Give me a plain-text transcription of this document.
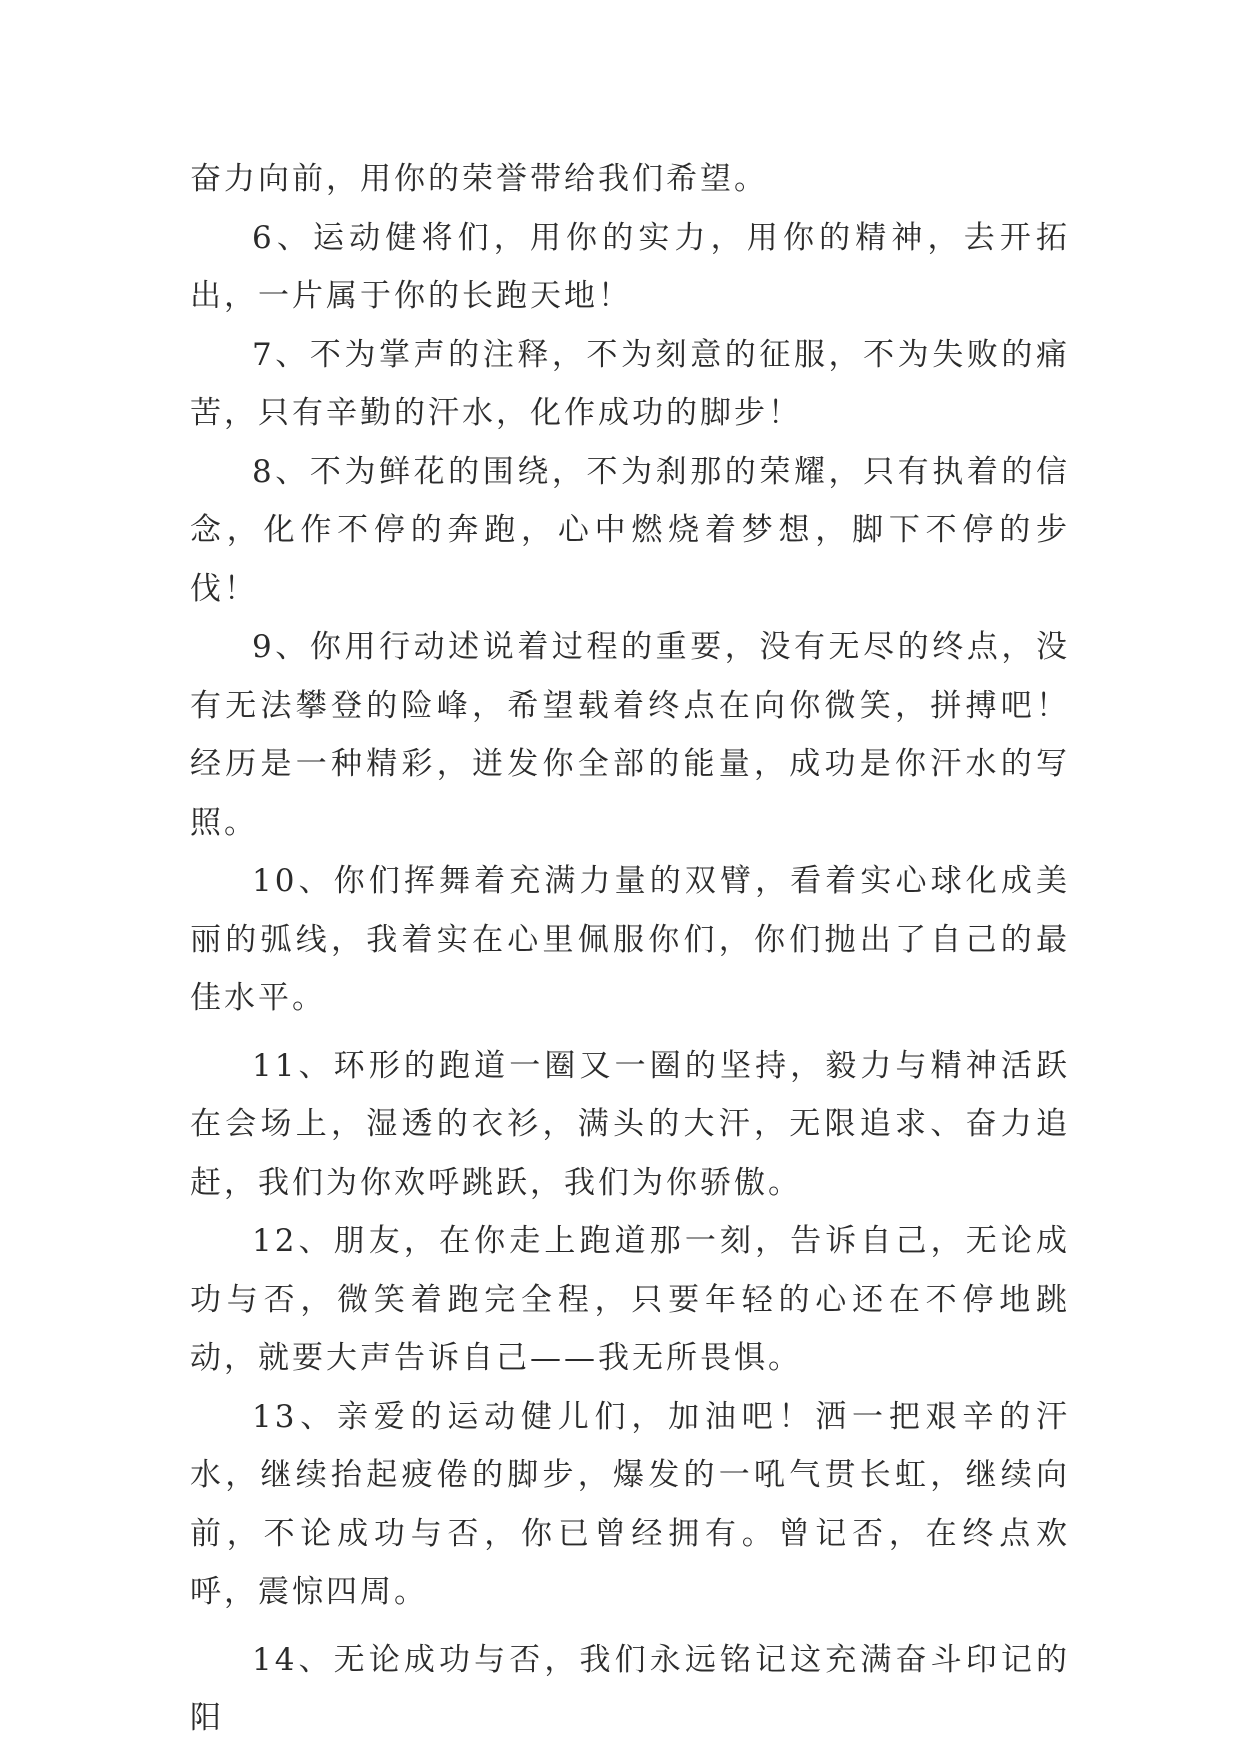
奋力向前，用你的荣誉带给我们希望。

6、运动健将们，用你的实力，用你的精神，去开拓出，一片属于你的长跑天地！

7、不为掌声的注释，不为刻意的征服，不为失败的痛苦，只有辛勤的汗水，化作成功的脚步！

8、不为鲜花的围绕，不为刹那的荣耀，只有执着的信念，化作不停的奔跑，心中燃烧着梦想，脚下不停的步伐！

9、你用行动述说着过程的重要，没有无尽的终点，没有无法攀登的险峰，希望载着终点在向你微笑，拼搏吧！经历是一种精彩，迸发你全部的能量，成功是你汗水的写照。

10、你们挥舞着充满力量的双臂，看着实心球化成美丽的弧线，我着实在心里佩服你们，你们抛出了自己的最佳水平。

11、环形的跑道一圈又一圈的坚持，毅力与精神活跃在会场上，湿透的衣衫，满头的大汗，无限追求、奋力追赶，我们为你欢呼跳跃，我们为你骄傲。

12、朋友，在你走上跑道那一刻，告诉自己，无论成功与否，微笑着跑完全程，只要年轻的心还在不停地跳动，就要大声告诉自己——我无所畏惧。

13、亲爱的运动健儿们，加油吧！洒一把艰辛的汗水，继续抬起疲倦的脚步，爆发的一吼气贯长虹，继续向前，不论成功与否，你已曾经拥有。曾记否，在终点欢呼，震惊四周。

14、无论成功与否，我们永远铭记这充满奋斗印记的阳
